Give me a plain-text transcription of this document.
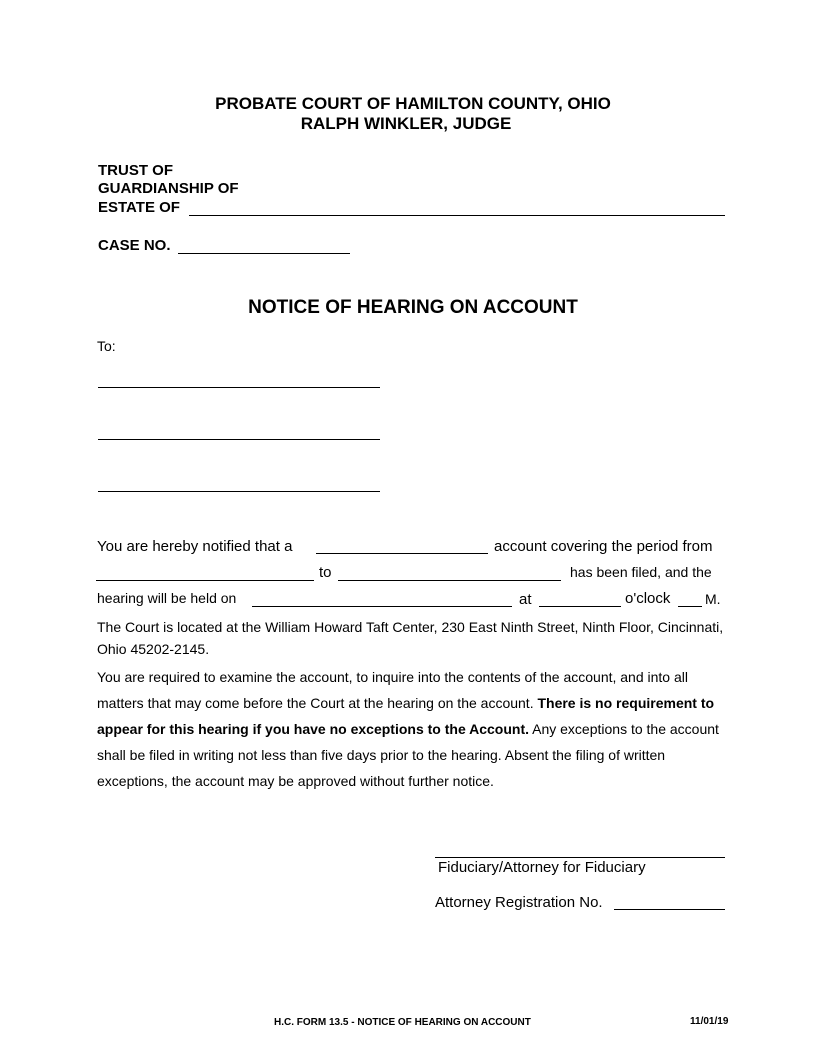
PROBATE COURT OF HAMILTON COUNTY, OHIO
RALPH WINKLER, JUDGE
TRUST OF
GUARDIANSHIP OF
ESTATE OF
CASE NO.
NOTICE OF HEARING ON ACCOUNT
To:
You are hereby notified that a	account covering the period from
to	has been filed, and the
hearing will be held on	at	o'clock M.
The Court is located at the William Howard Taft Center, 230 East Ninth Street, Ninth Floor, Cincinnati, Ohio 45202-2145.
You are required to examine the account, to inquire into the contents of the account, and into all matters that may come before the Court at the hearing on the account. There is no requirement to appear for this hearing if you have no exceptions to the Account. Any exceptions to the account shall be filed in writing not less than five days prior to the hearing. Absent the filing of written exceptions, the account may be approved without further notice.
Fiduciary/Attorney for Fiduciary
Attorney Registration No.
H.C. FORM 13.5 - NOTICE OF HEARING ON ACCOUNT	11/01/19
